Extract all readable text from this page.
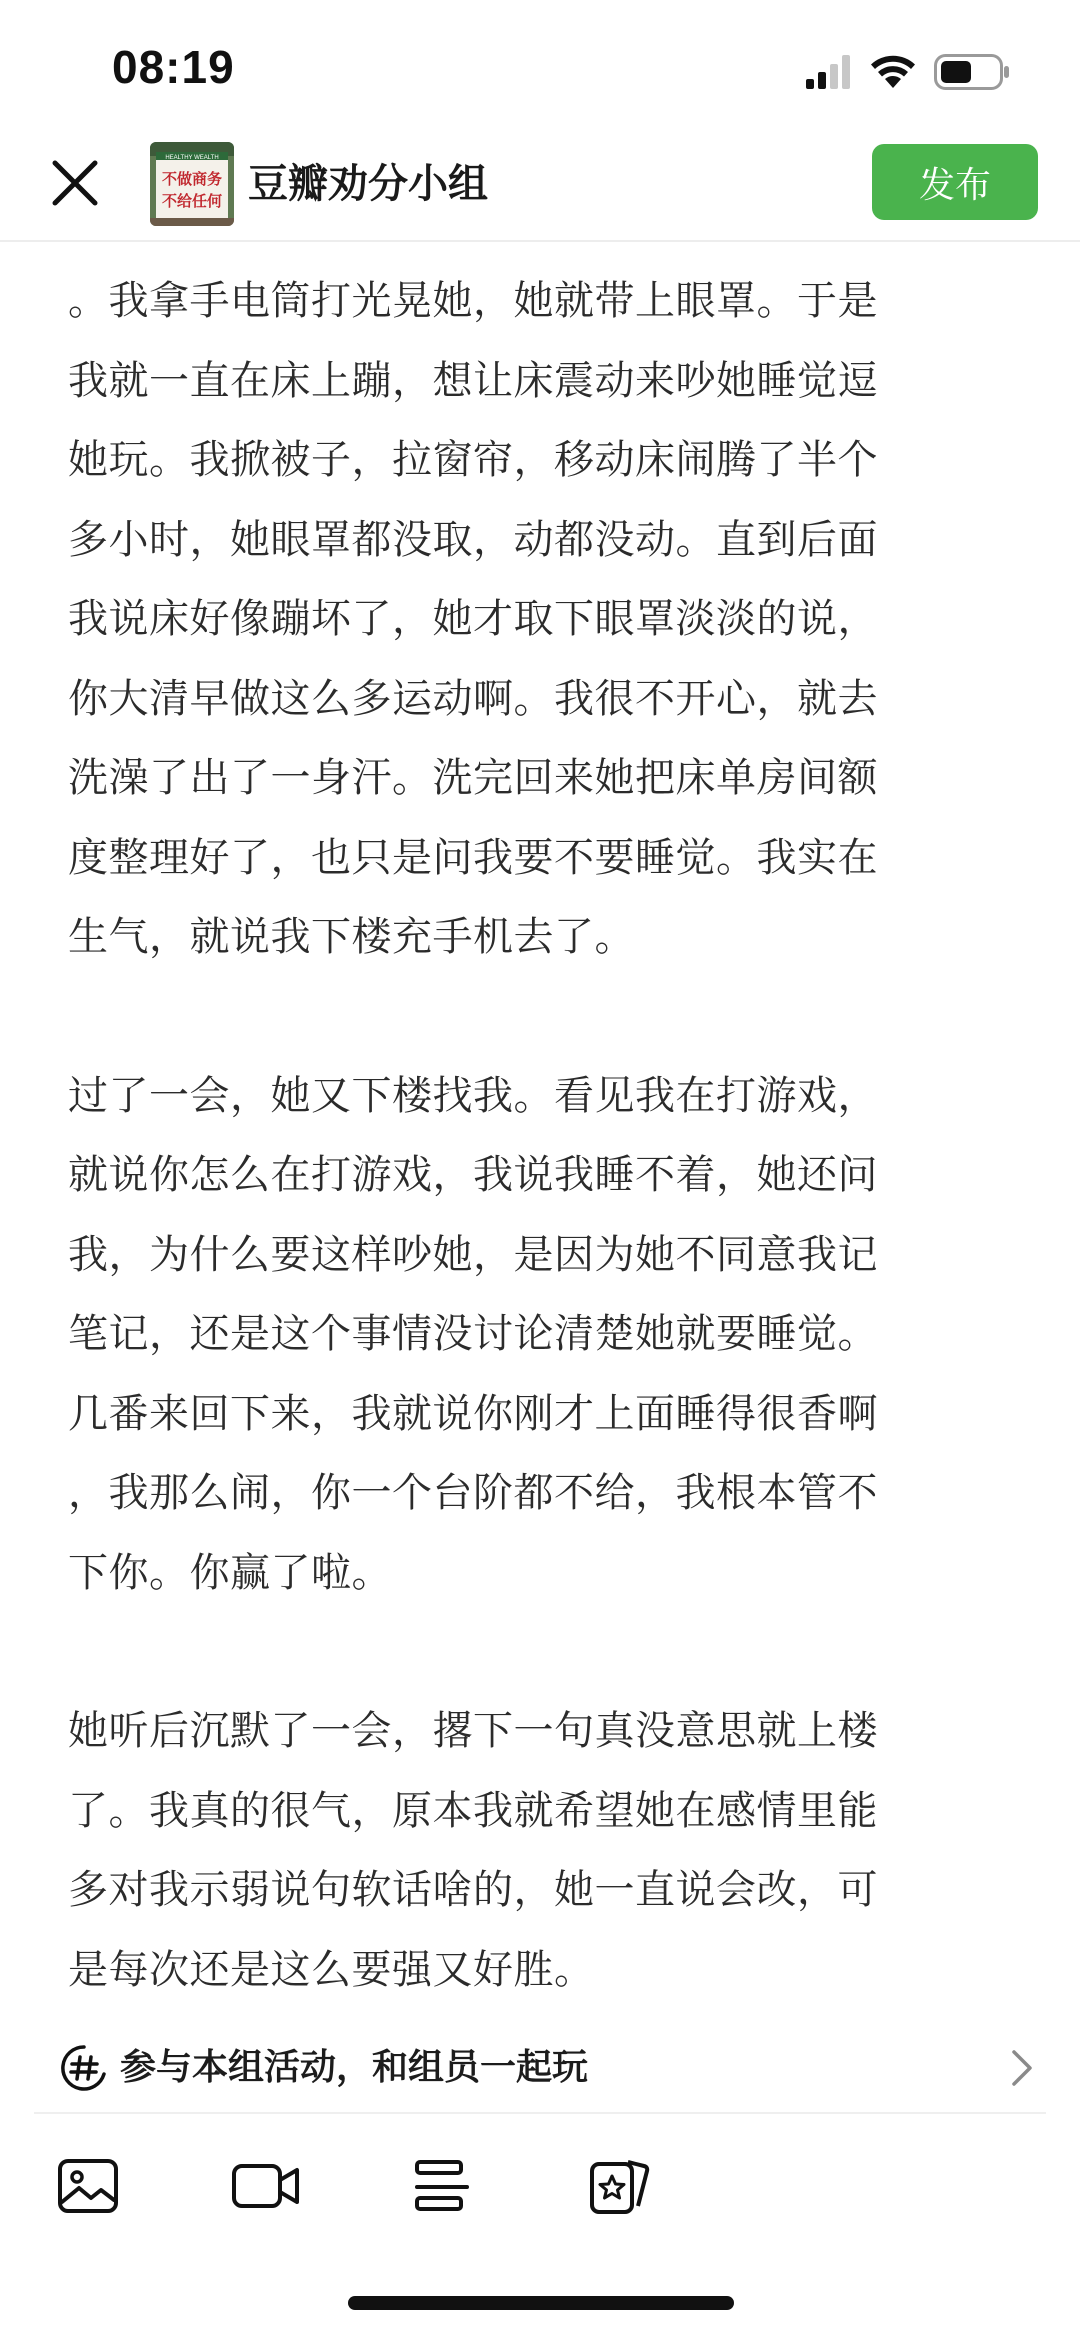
08:19
HEALTHY WEALTH
不做商务
不给任何 豆瓣劝分小组	发布

。我拿手电筒打光晃她，她就带上眼罩。于是

我就一直在床上蹦，想让床震动来吵她睡觉逗

她玩。我掀被子，拉窗帘，移动床闹腾了半个

多小时，她眼罩都没取，动都没动。直到后面

我说床好像蹦坏了，她才取下眼罩淡淡的说，

你大清早做这么多运动啊。我很不开心，就去

洗澡了出了一身汗。洗完回来她把床单房间额

度整理好了，也只是问我要不要睡觉。我实在

生气，就说我下楼充手机去了。

过了一会，她又下楼找我。看见我在打游戏，

就说你怎么在打游戏，我说我睡不着，她还问

我，为什么要这样吵她，是因为她不同意我记

笔记，还是这个事情没讨论清楚她就要睡觉。

几番来回下来，我就说你刚才上面睡得很香啊

，我那么闹，你一个台阶都不给，我根本管不

下你。你赢了啦。

她听后沉默了一会，撂下一句真没意思就上楼

了。我真的很气，原本我就希望她在感情里能

多对我示弱说句软话啥的，她一直说会改，可

是每次还是这么要强又好胜。

参与本组活动，和组员一起玩
